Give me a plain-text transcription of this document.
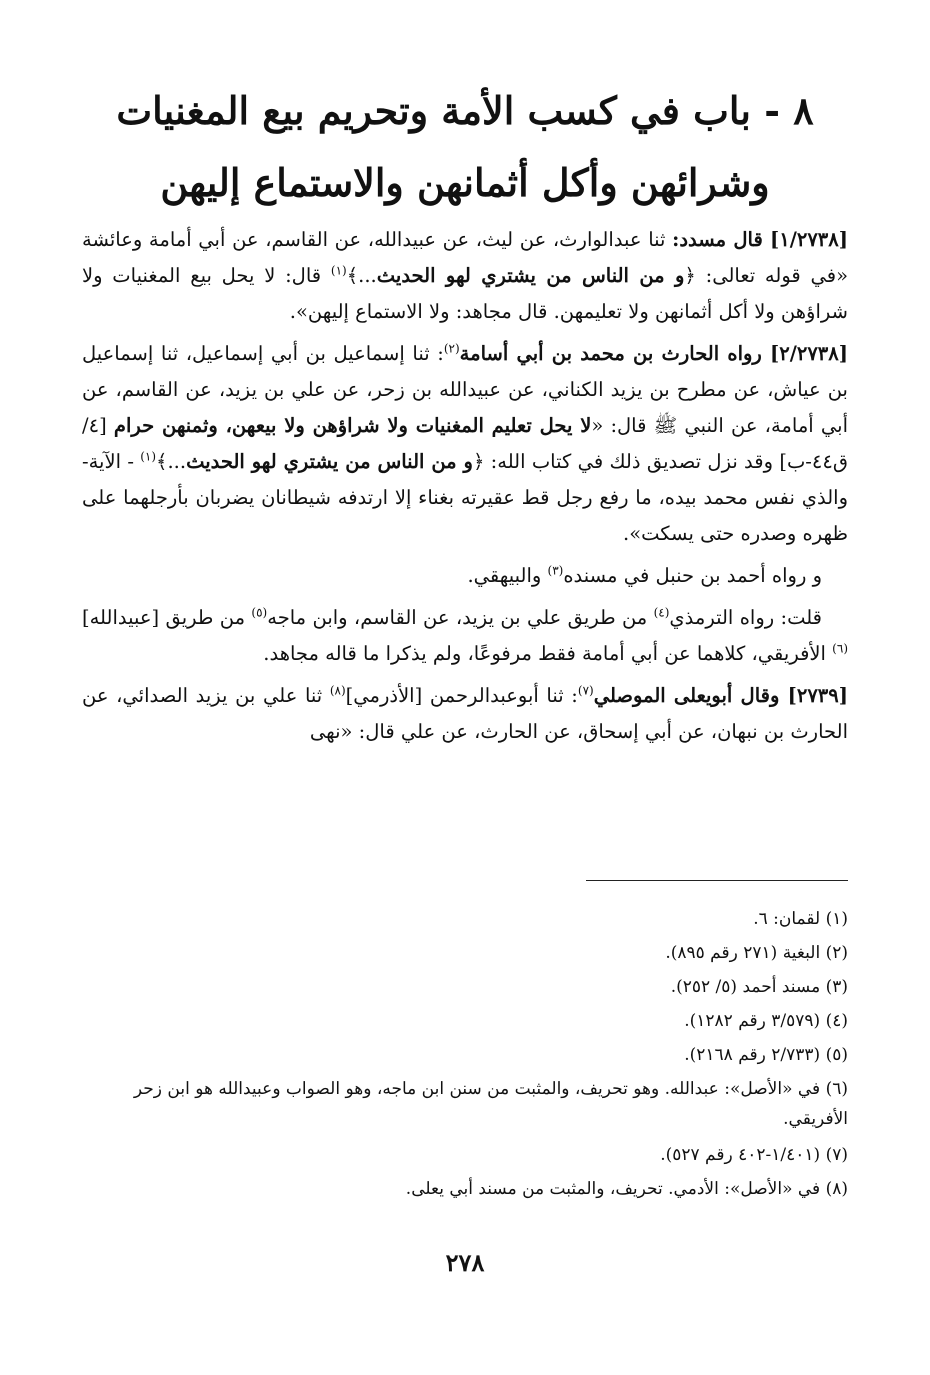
٨ - باب في كسب الأمة وتحريم بيع المغنيات
وشرائهن وأكل أثمانهن والاستماع إليهن

[١/٢٧٣٨] قال مسدد: ثنا عبدالوارث، عن ليث، عن عبيدالله، عن القاسم، عن أبي أمامة وعائشة «في قوله تعالى: ﴿و من الناس من يشتري لهو الحديث...﴾$^{(١)}$ قال: لا يحل بيع المغنيات ولا شراؤهن ولا أكل أثمانهن ولا تعليمهن. قال مجاهد: ولا الاستماع إليهن».

[٢/٢٧٣٨] رواه الحارث بن محمد بن أبي أسامة$^{(٢)}$: ثنا إسماعيل بن أبي إسماعيل، ثنا إسماعيل بن عياش، عن مطرح بن يزيد الكناني، عن عبيدالله بن زحر، عن علي بن يزيد، عن القاسم، عن أبي أمامة، عن النبي ﷺ قال: «لا يحل تعليم المغنيات ولا شراؤهن ولا بيعهن، وثمنهن حرام [٤/ق٤٤-ب] وقد نزل تصديق ذلك في كتاب الله: ﴿و من الناس من يشتري لهو الحديث...﴾$^{(١)}$ - الآية- والذي نفس محمد بيده، ما رفع رجل قط عقيرته بغناء إلا ارتدفه شيطانان يضربان بأرجلهما على ظهره وصدره حتى يسكت».

و رواه أحمد بن حنبل في مسنده$^{(٣)}$ والبيهقي.

قلت: رواه الترمذي$^{(٤)}$ من طريق علي بن يزيد، عن القاسم، وابن ماجه$^{(٥)}$ من طريق [عبيدالله]$^{(٦)}$ الأفريقي، كلاهما عن أبي أمامة فقط مرفوعًا، ولم يذكرا ما قاله مجاهد.

[٢٧٣٩] وقال أبويعلى الموصلي$^{(٧)}$: ثنا أبوعبدالرحمن [الأذرمي]$^{(٨)}$ ثنا علي بن يزيد الصدائي، عن الحارث بن نبهان، عن أبي إسحاق، عن الحارث، عن علي قال: «نهى

(١) لقمان: ٦.

(٢) البغية (٢٧١ رقم ٨٩٥).

(٣) مسند أحمد (٥/ ٢٥٢).

(٤) (٣/٥٧٩ رقم ١٢٨٢).

(٥) (٢/٧٣٣ رقم ٢١٦٨).

(٦) في «الأصل»: عبدالله. وهو تحريف، والمثبت من سنن ابن ماجه، وهو الصواب وعبيدالله هو ابن زحر الأفريقي.

(٧) (١/٤٠١-٤٠٢ رقم ٥٢٧).

(٨) في «الأصل»: الأدمي. تحريف، والمثبت من مسند أبي يعلى.

٢٧٨
